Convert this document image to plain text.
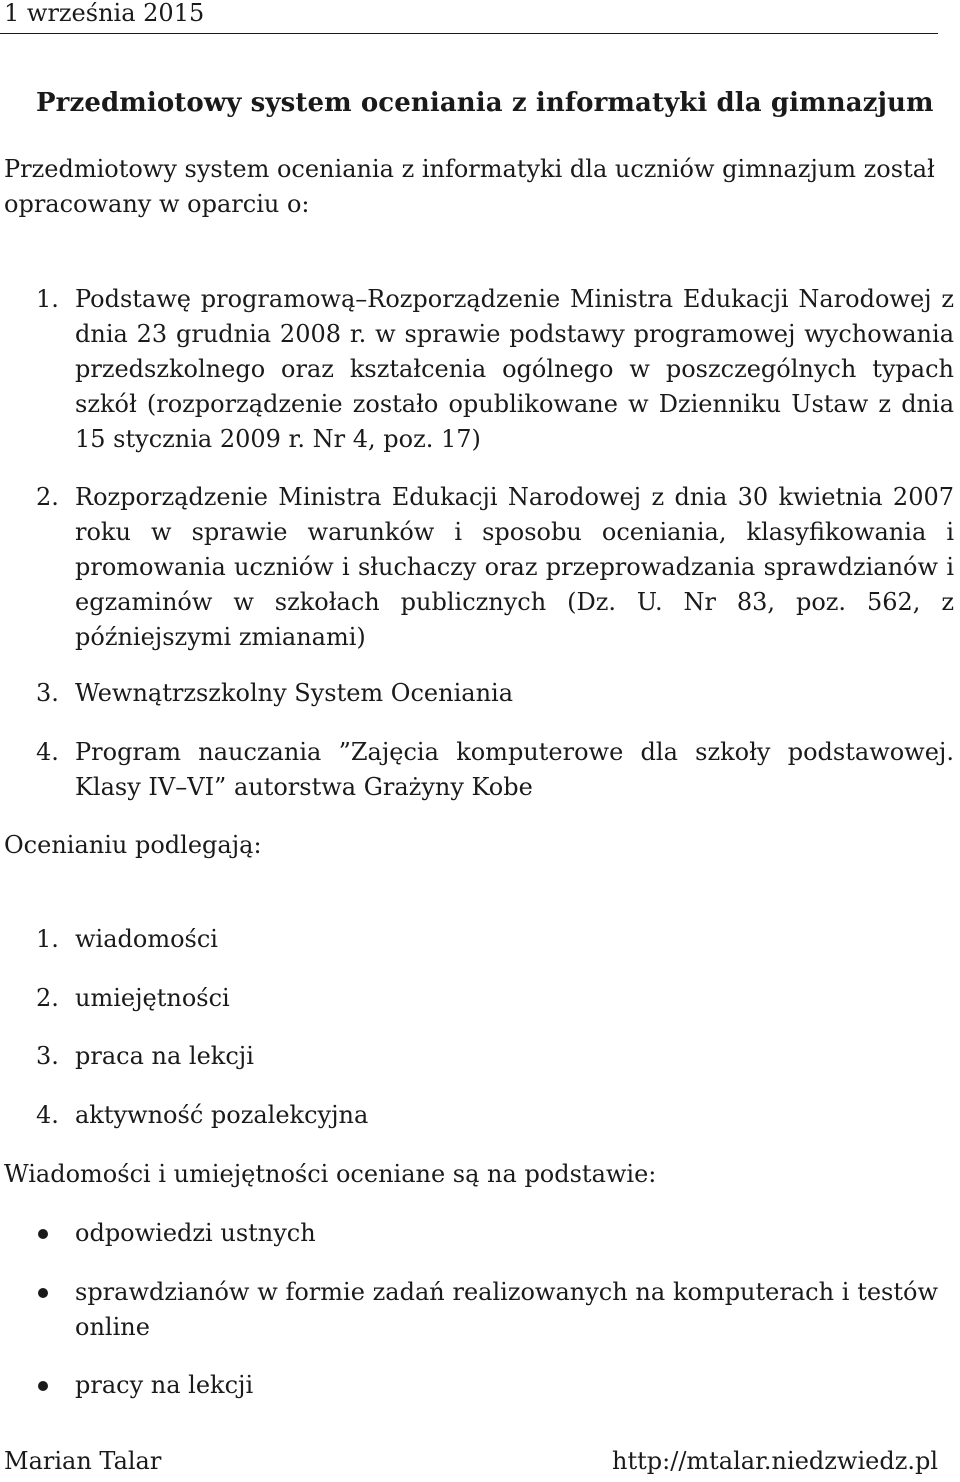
1 września 2015
Przedmiotowy system oceniania z informatyki dla gimnazjum

Przedmiotowy system oceniania z informatyki dla uczniów gimnazjum został opracowany w oparciu o:

1. Podstawę programową–Rozporządzenie Ministra Edukacji Narodowej z dnia 23 grudnia 2008 r. w sprawie podstawy programowej wychowania przedszkolnego oraz kształcenia ogólnego w poszczególnych typach szkół (rozporządzenie zostało opublikowane w Dzienniku Ustaw z dnia 15 stycznia 2009 r. Nr 4, poz. 17)
2. Rozporządzenie Ministra Edukacji Narodowej z dnia 30 kwietnia 2007 roku w sprawie warunków i sposobu oceniania, klasyfikowania i promowania uczniów i słuchaczy oraz przeprowadzania sprawdzianów i egzaminów w szkołach publicznych (Dz. U. Nr 83, poz. 562, z późniejszymi zmianami)
3. Wewnątrzszkolny System Oceniania
4. Program nauczania ”Zajęcia komputerowe dla szkoły podstawowej. Klasy IV–VI” autorstwa Grażyny Kobe

Ocenianiu podlegają:

1. wiadomości
2. umiejętności
3. praca na lekcji
4. aktywność pozalekcyjna

Wiadomości i umiejętności oceniane są na podstawie:

odpowiedzi ustnych
sprawdzianów w formie zadań realizowanych na komputerach i testów online
pracy na lekcji
Marian Talar	http://mtalar.niedzwiedz.pl
